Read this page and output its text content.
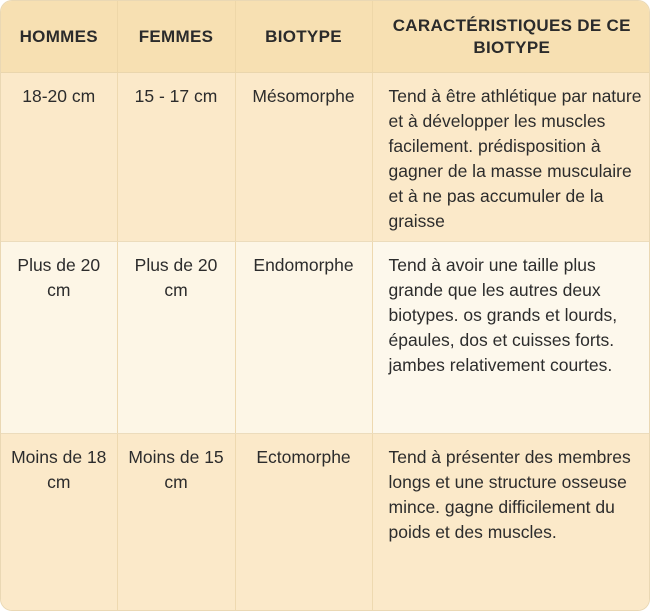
HOMMES	FEMMES	BIOTYPE	CARACTÉRISTIQUES DE CE BIOTYPE
18-20 cm	15 - 17 cm	Mésomorphe	Tend à être athlétique par nature et à développer les muscles facilement. prédisposition à gagner de la masse musculaire et à ne pas accumuler de la graisse
Plus de 20 cm	Plus de 20 cm	Endomorphe	Tend à avoir une taille plus grande que les autres deux biotypes. os grands et lourds, épaules, dos et cuisses forts. jambes relativement courtes.
Moins de 18 cm	Moins de 15 cm	Ectomorphe	Tend à présenter des membres longs et une structure osseuse mince. gagne difficilement du poids et des muscles.
